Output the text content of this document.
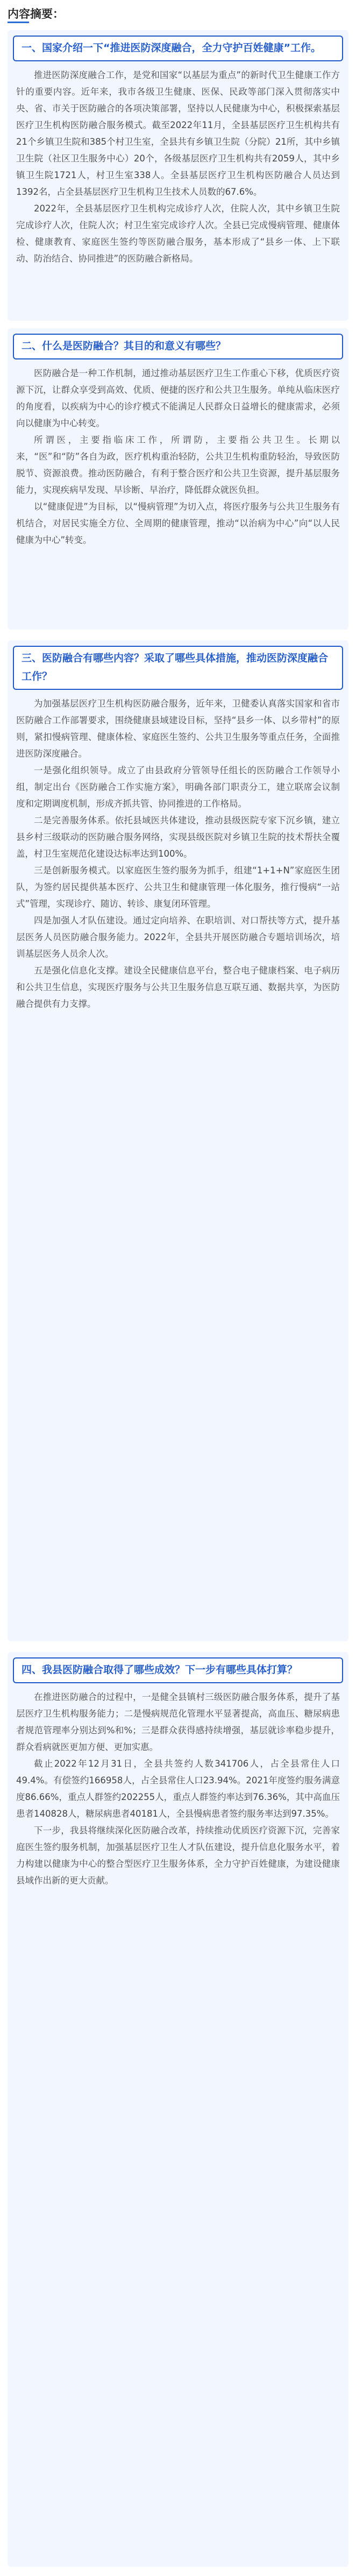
内容摘要：
一、国家介绍一下“推进医防深度融合，全力守护百姓健康”工作。

推进医防深度融合工作，是党和国家“以基层为重点”的新时代卫生健康工作方针的重要内容。近年来，我市各级卫生健康、医保、民政等部门深入贯彻落实中央、省、市关于医防融合的各项决策部署，坚持以人民健康为中心，积极探索基层医疗卫生机构医防融合服务模式。截至2022年11月，全县基层医疗卫生机构共有21个乡镇卫生院和385个村卫生室，全县共有乡镇卫生院（分院）21所，其中乡镇卫生院（社区卫生服务中心）20个，各级基层医疗卫生机构共有2059人，其中乡镇卫生院1721人，村卫生室338人。全县基层医疗卫生机构医防融合人员达到1392名，占全县基层医疗卫生机构卫生技术人员数的67.6%。

2022年，全县基层医疗卫生机构完成诊疗人次，住院人次，其中乡镇卫生院完成诊疗人次，住院人次；村卫生室完成诊疗人次。全县已完成慢病管理、健康体检、健康教育、家庭医生签约等医防融合服务，基本形成了“县乡一体、上下联动、防治结合、协同推进”的医防融合新格局。

二、什么是医防融合？其目的和意义有哪些？

医防融合是一种工作机制，通过推动基层医疗卫生工作重心下移，优质医疗资源下沉，让群众享受到高效、优质、便捷的医疗和公共卫生服务。单纯从临床医疗的角度看，以疾病为中心的诊疗模式不能满足人民群众日益增长的健康需求，必须向以健康为中心转变。

所谓医，主要指临床工作，所谓防，主要指公共卫生。长期以来，“医”和“防”各自为政，医疗机构重治轻防，公共卫生机构重防轻治，导致医防脱节、资源浪费。推动医防融合，有利于整合医疗和公共卫生资源，提升基层服务能力，实现疾病早发现、早诊断、早治疗，降低群众就医负担。

以“健康促进”为目标，以“慢病管理”为切入点，将医疗服务与公共卫生服务有机结合，对居民实施全方位、全周期的健康管理，推动“以治病为中心”向“以人民健康为中心”转变。

三、医防融合有哪些内容？采取了哪些具体措施，推动医防深度融合工作？

为加强基层医疗卫生机构医防融合服务，近年来，卫健委认真落实国家和省市医防融合工作部署要求，围绕健康县域建设目标，坚持“县乡一体、以乡带村”的原则，紧扣慢病管理、健康体检、家庭医生签约、公共卫生服务等重点任务，全面推进医防深度融合。

一是强化组织领导。成立了由县政府分管领导任组长的医防融合工作领导小组，制定出台《医防融合工作实施方案》，明确各部门职责分工，建立联席会议制度和定期调度机制，形成齐抓共管、协同推进的工作格局。

二是完善服务体系。依托县域医共体建设，推动县级医院专家下沉乡镇，建立县乡村三级联动的医防融合服务网络，实现县级医院对乡镇卫生院的技术帮扶全覆盖，村卫生室规范化建设达标率达到100%。

三是创新服务模式。以家庭医生签约服务为抓手，组建“1+1+N”家庭医生团队，为签约居民提供基本医疗、公共卫生和健康管理一体化服务，推行慢病“一站式”管理，实现诊疗、随访、转诊、康复闭环管理。

四是加强人才队伍建设。通过定向培养、在职培训、对口帮扶等方式，提升基层医务人员医防融合服务能力。2022年，全县共开展医防融合专题培训场次，培训基层医务人员余人次。

五是强化信息化支撑。建设全民健康信息平台，整合电子健康档案、电子病历和公共卫生信息，实现医疗服务与公共卫生服务信息互联互通、数据共享，为医防融合提供有力支撑。

四、我县医防融合取得了哪些成效？下一步有哪些具体打算？

在推进医防融合的过程中，一是健全县镇村三级医防融合服务体系，提升了基层医疗卫生机构服务能力；二是慢病规范化管理水平显著提高，高血压、糖尿病患者规范管理率分别达到%和%；三是群众获得感持续增强，基层就诊率稳步提升，群众看病就医更加方便、更加实惠。

截止2022年12月31日，全县共签约人数341706人，占全县常住人口49.4%。有偿签约166958人，占全县常住人口23.94%。2021年度签约服务满意度86.66%，重点人群签约202255人，重点人群签约率达到76.36%，其中高血压患者140828人，糖尿病患者40181人，全县慢病患者签约服务率达到97.35%。

下一步，我县将继续深化医防融合改革，持续推动优质医疗资源下沉，完善家庭医生签约服务机制，加强基层医疗卫生人才队伍建设，提升信息化服务水平，着力构建以健康为中心的整合型医疗卫生服务体系，全力守护百姓健康，为建设健康县域作出新的更大贡献。
